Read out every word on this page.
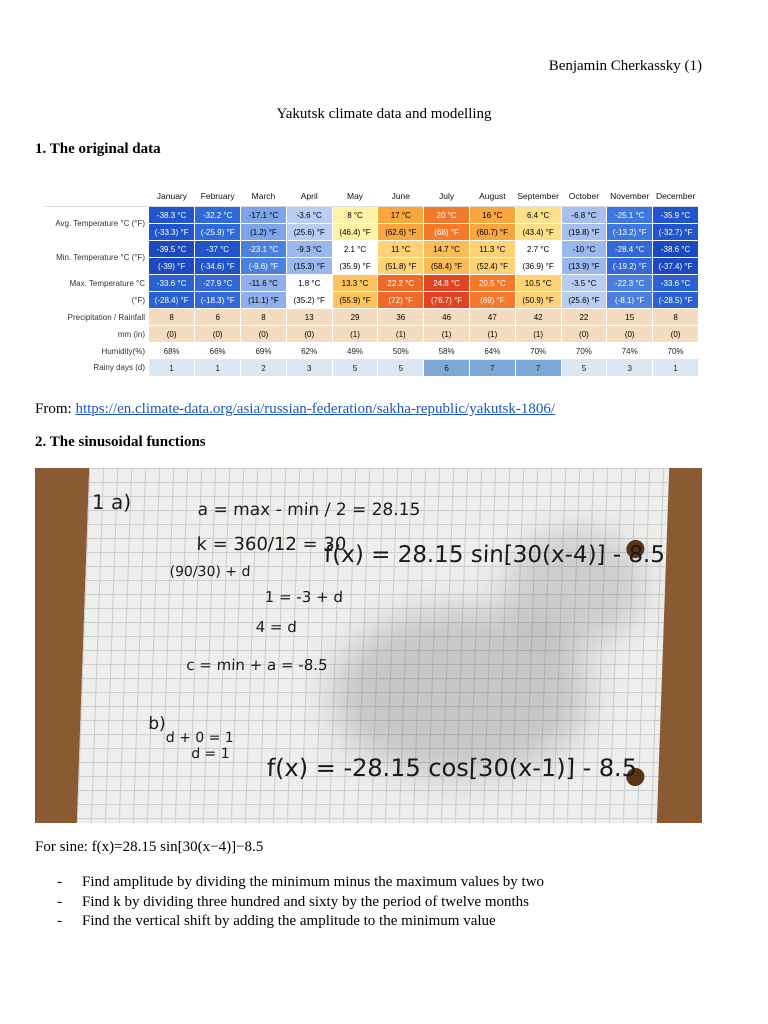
Benjamin Cherkassky (1)
Yakutsk climate data and modelling
1. The original data
	January	February	March	April	May	June	July	August	September	October	November	December
Avg. Temperature °C (°F)	-38.3 °C	-32.2 °C	-17.1 °C	-3.6 °C	8 °C	17 °C	20 °C	16 °C	6.4 °C	-6.8 °C	-25.1 °C	-35.9 °C
	(-33.3) °F	(-25.9) °F	(1.2) °F	(25.6) °F	(46.4) °F	(62.6) °F	(68) °F	(60.7) °F	(43.4) °F	(19.8) °F	(-13.2) °F	(-32.7) °F
Min. Temperature °C (°F)	-39.5 °C	-37 °C	-23.1 °C	-9.3 °C	2.1 °C	11 °C	14.7 °C	11.3 °C	2.7 °C	-10 °C	-28.4 °C	-38.6 °C
	(-39) °F	(-34.6) °F	(-9.6) °F	(15.3) °F	(35.9) °F	(51.8) °F	(58.4) °F	(52.4) °F	(36.9) °F	(13.9) °F	(-19.2) °F	(-37.4) °F
Max. Temperature °C	-33.6 °C	-27.9 °C	-11.6 °C	1.8 °C	13.3 °C	22.2 °C	24.8 °C	20.5 °C	10.5 °C	-3.5 °C	-22.3 °C	-33.6 °C
(°F)	(-28.4) °F	(-18.3) °F	(11.1) °F	(35.2) °F	(55.9) °F	(72) °F	(76.7) °F	(69) °F	(50.9) °F	(25.6) °F	(-8.1) °F	(-28.5) °F
Precipitation / Rainfall	8	6	8	13	29	36	46	47	42	22	15	8
mm (in)	(0)	(0)	(0)	(0)	(1)	(1)	(1)	(1)	(1)	(0)	(0)	(0)
Humidity(%)	68%	66%	69%	62%	49%	50%	58%	64%	70%	70%	74%	70%
Rainy days (d)	1	1	2	3	5	5	6	7	7	5	3	1
From: https://en.climate-data.org/asia/russian-federation/sakha-republic/yakutsk-1806/
2. The sinusoidal functions
1 a)	a = max - min / 2 = 28.15
k = 360/12 = 30
f(x) = 28.15 sin[30(x-4)] - 8.5
(90/30) + d
1 = -3 + d
4 = d
c = min + a = -8.5
b)
d + 0 = 1
d = 1 f(x) = -28.15 cos[30(x-1)] - 8.5
For sine: f(x)=28.15 sin[30(x−4)]−8.5
- Find amplitude by dividing the minimum minus the maximum values by two
- Find k by dividing three hundred and sixty by the period of twelve months
- Find the vertical shift by adding the amplitude to the minimum value
